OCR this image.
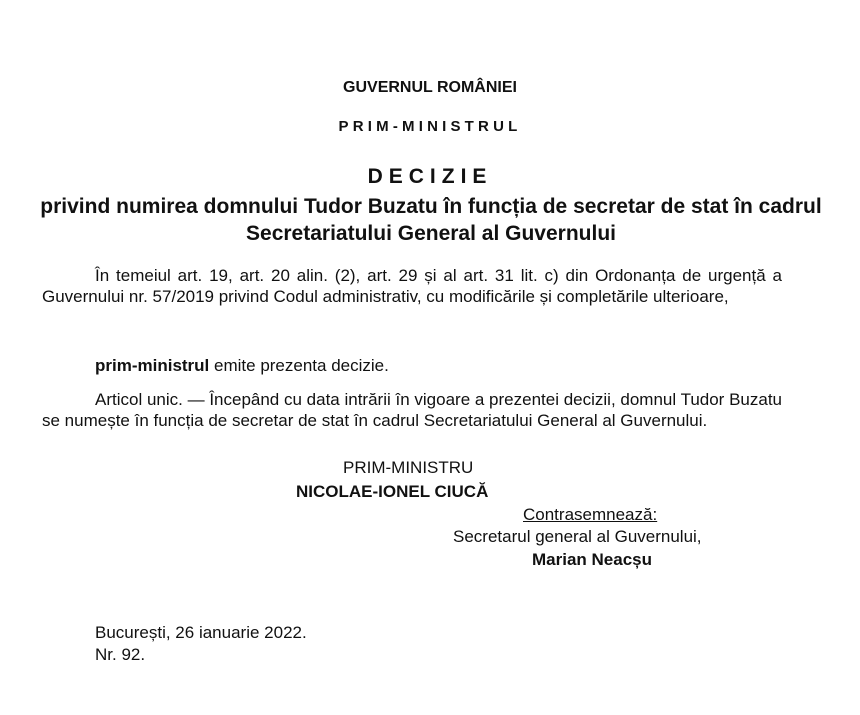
GUVERNUL ROMÂNIEI
PRIM-MINISTRUL
DECIZIE
privind numirea domnului Tudor Buzatu în funcția de secretar de stat în cadrul Secretariatului General al Guvernului
În temeiul art. 19, art. 20 alin. (2), art. 29 și al art. 31 lit. c) din Ordonanța de urgență a Guvernului nr. 57/2019 privind Codul administrativ, cu modificările și completările ulterioare,
prim-ministrul emite prezenta decizie.
Articol unic. — Începând cu data intrării în vigoare a prezentei decizii, domnul Tudor Buzatu se numește în funcția de secretar de stat în cadrul Secretariatului General al Guvernului.
PRIM-MINISTRU
NICOLAE-IONEL CIUCĂ
Contrasemnează:
Secretarul general al Guvernului,
Marian Neacșu
București, 26 ianuarie 2022.
Nr. 92.
